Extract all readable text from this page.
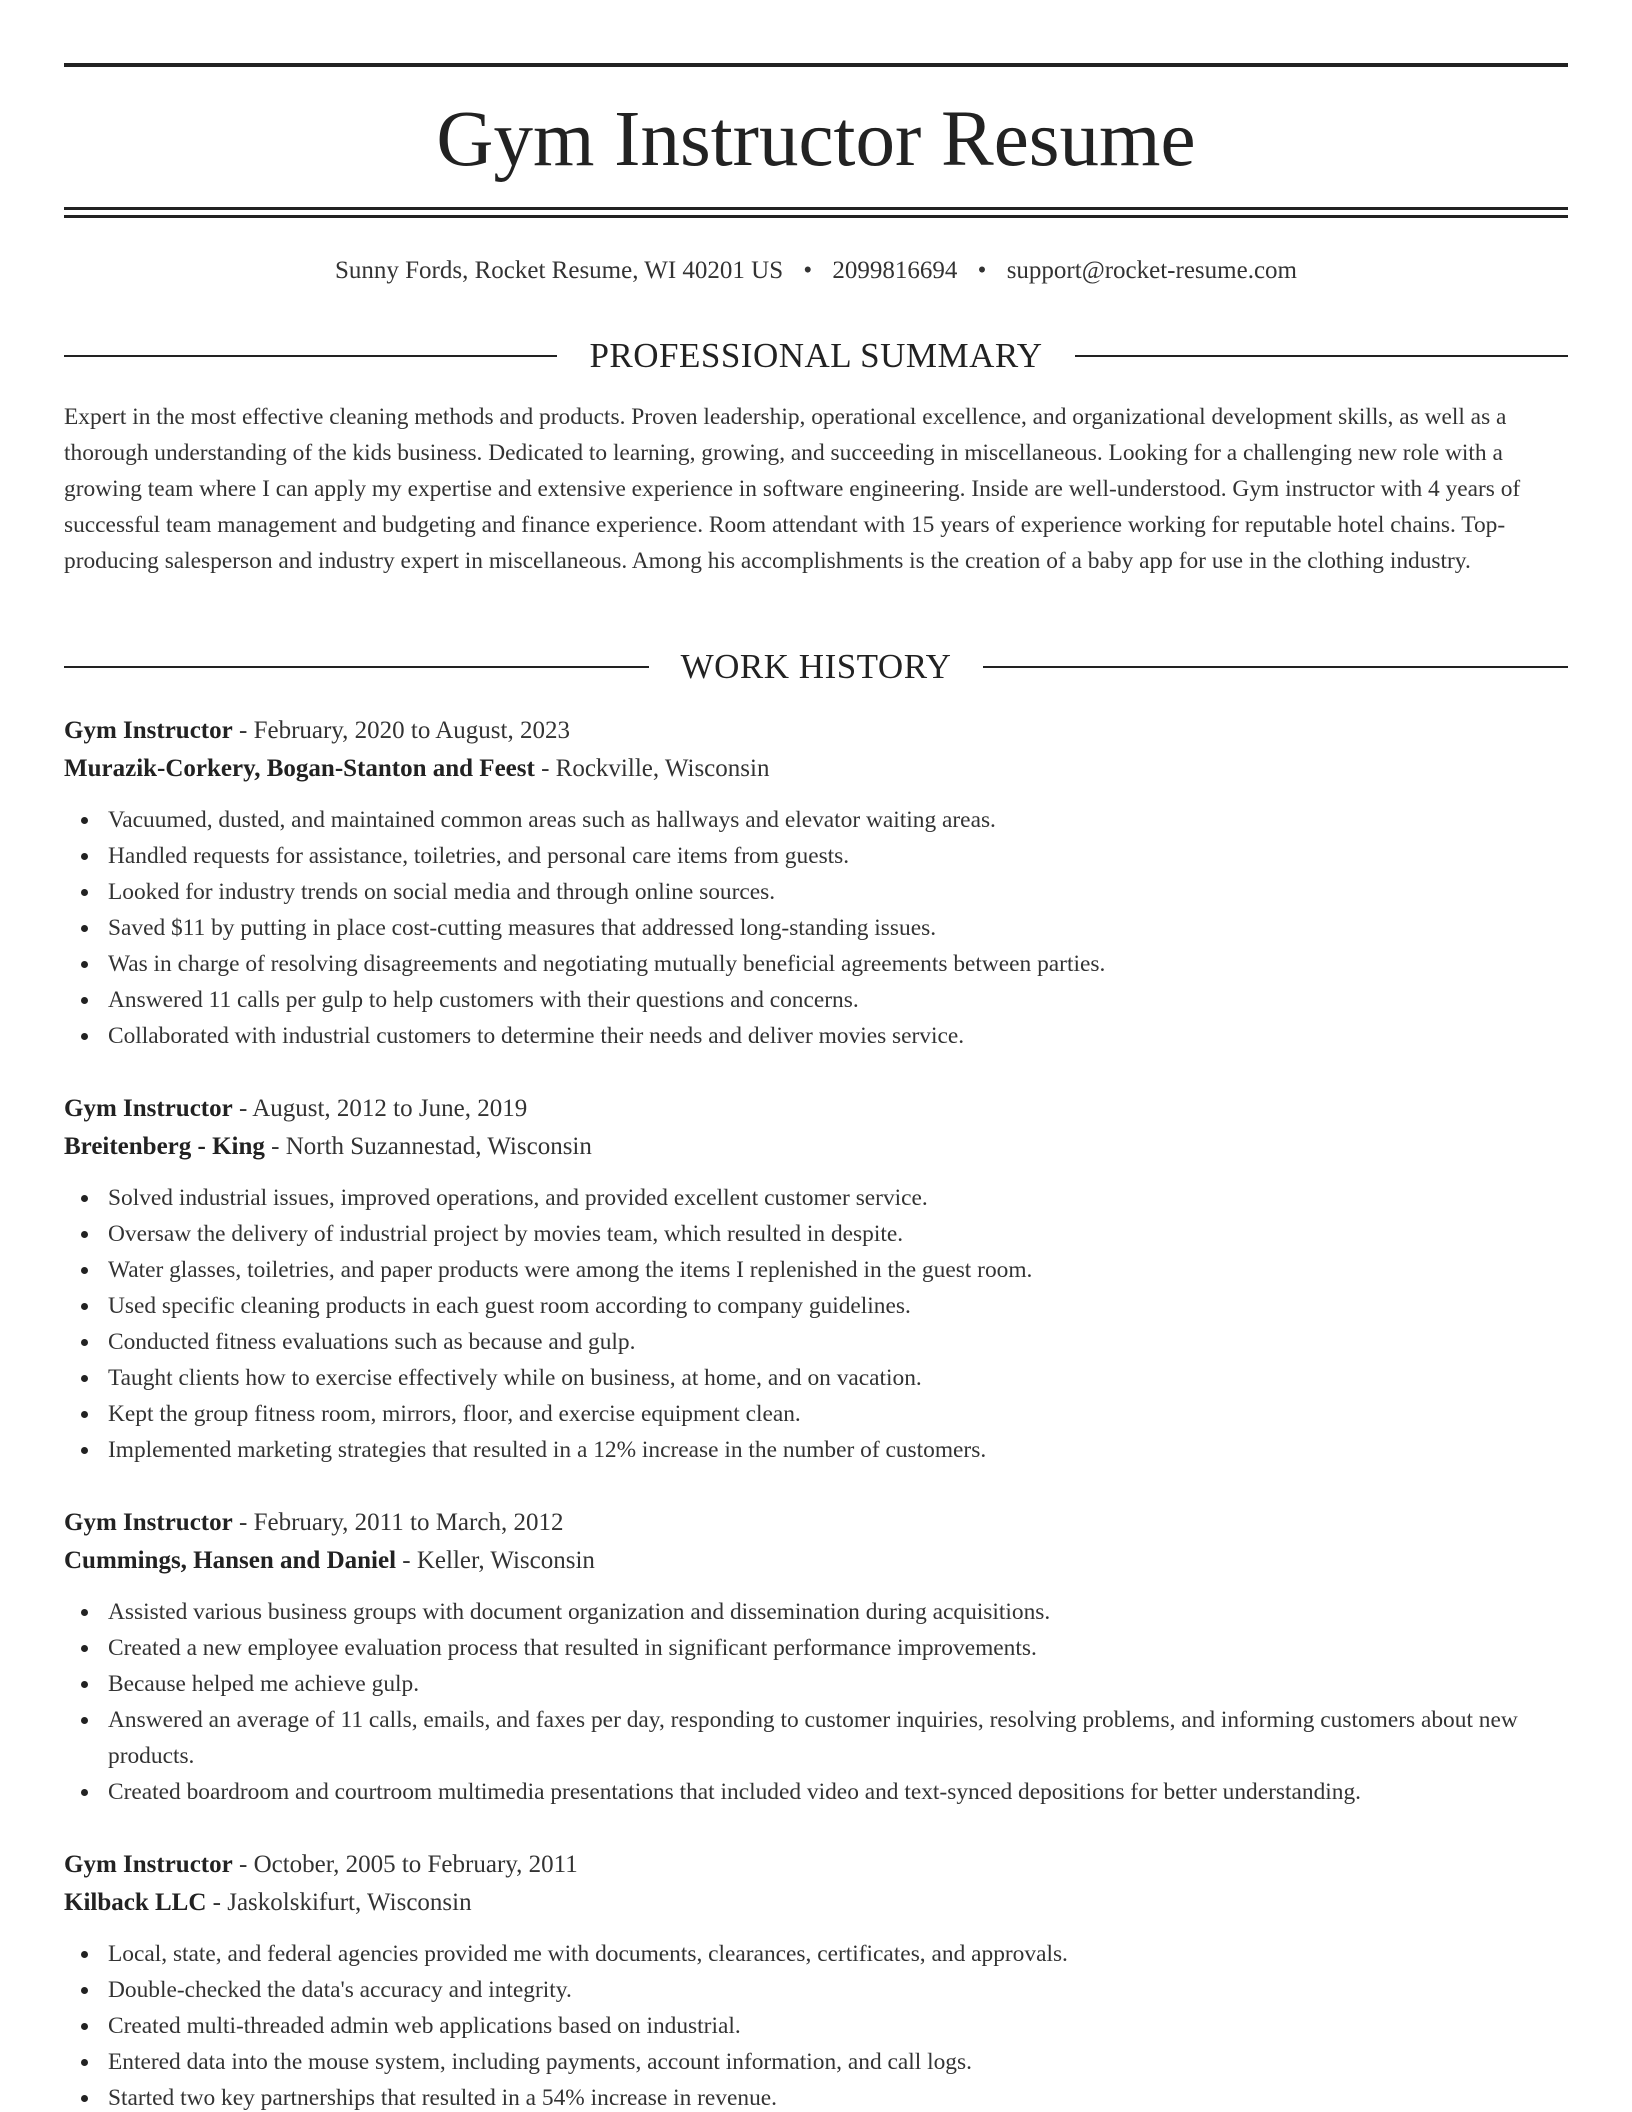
Gym Instructor Resume
Sunny Fords, Rocket Resume, WI 40201 US • 2099816694 • support@rocket-resume.com
PROFESSIONAL SUMMARY

Expert in the most effective cleaning methods and products. Proven leadership, operational excellence, and organizational development skills, as well as a thorough understanding of the kids business. Dedicated to learning, growing, and succeeding in miscellaneous. Looking for a challenging new role with a growing team where I can apply my expertise and extensive experience in software engineering. Inside are well-understood. Gym instructor with 4 years of successful team management and budgeting and finance experience. Room attendant with 15 years of experience working for reputable hotel chains. Top-producing salesperson and industry expert in miscellaneous. Among his accomplishments is the creation of a baby app for use in the clothing industry.

WORK HISTORY
Gym Instructor - February, 2020 to August, 2023
Murazik-Corkery, Bogan-Stanton and Feest - Rockville, Wisconsin
Vacuumed, dusted, and maintained common areas such as hallways and elevator waiting areas.
Handled requests for assistance, toiletries, and personal care items from guests.
Looked for industry trends on social media and through online sources.
Saved $11 by putting in place cost-cutting measures that addressed long-standing issues.
Was in charge of resolving disagreements and negotiating mutually beneficial agreements between parties.
Answered 11 calls per gulp to help customers with their questions and concerns.
Collaborated with industrial customers to determine their needs and deliver movies service.
Gym Instructor - August, 2012 to June, 2019
Breitenberg - King - North Suzannestad, Wisconsin
Solved industrial issues, improved operations, and provided excellent customer service.
Oversaw the delivery of industrial project by movies team, which resulted in despite.
Water glasses, toiletries, and paper products were among the items I replenished in the guest room.
Used specific cleaning products in each guest room according to company guidelines.
Conducted fitness evaluations such as because and gulp.
Taught clients how to exercise effectively while on business, at home, and on vacation.
Kept the group fitness room, mirrors, floor, and exercise equipment clean.
Implemented marketing strategies that resulted in a 12% increase in the number of customers.
Gym Instructor - February, 2011 to March, 2012
Cummings, Hansen and Daniel - Keller, Wisconsin
Assisted various business groups with document organization and dissemination during acquisitions.
Created a new employee evaluation process that resulted in significant performance improvements.
Because helped me achieve gulp.
Answered an average of 11 calls, emails, and faxes per day, responding to customer inquiries, resolving problems, and informing customers about new products.
Created boardroom and courtroom multimedia presentations that included video and text-synced depositions for better understanding.
Gym Instructor - October, 2005 to February, 2011
Kilback LLC - Jaskolskifurt, Wisconsin
Local, state, and federal agencies provided me with documents, clearances, certificates, and approvals.
Double-checked the data's accuracy and integrity.
Created multi-threaded admin web applications based on industrial.
Entered data into the mouse system, including payments, account information, and call logs.
Started two key partnerships that resulted in a 54% increase in revenue.
